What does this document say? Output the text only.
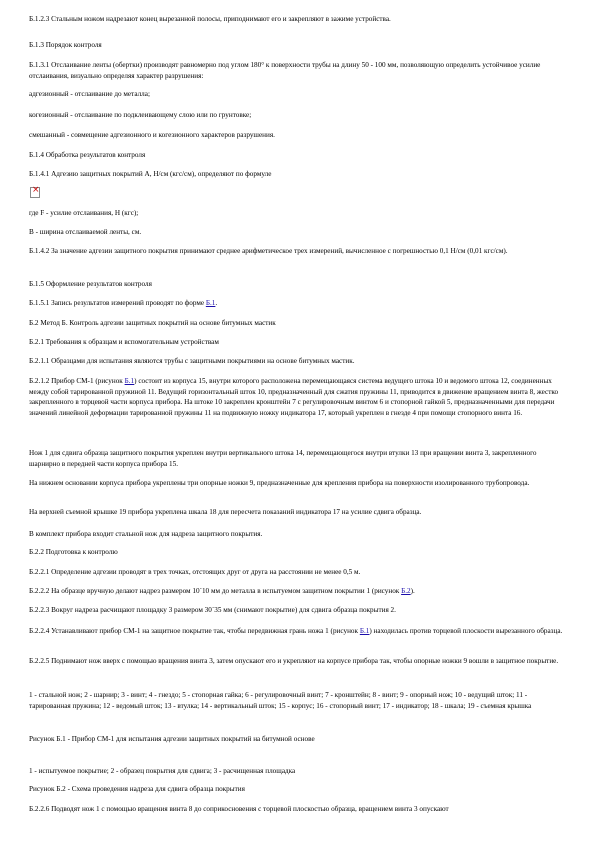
Б.1.2.3 Стальным ножом надрезают конец вырезанной полосы, приподнимают его и закрепляют в зажиме устройства.
Б.1.3 Порядок контроля
Б.1.3.1 Отслаивание ленты (обертки) производят равномерно под углом 180° к поверхности трубы на длину 50 - 100 мм, позволяющую определить устойчивое усилие отслаивания, визуально определяя характер разрушения:
адгезионный - отслаивание до металла;
когезионный - отслаивание по подклеивающему слою или по грунтовке;
смешанный - совмещение адгезионного и когезионного характеров разрушения.
Б.1.4 Обработка результатов контроля
Б.1.4.1 Адгезию защитных покрытий А, Н/см (кгс/см), определяют по формуле
×
где F - усилие отслаивания, Н (кгс);
B - ширина отслаиваемой ленты, см.
Б.1.4.2 За значение адгезии защитного покрытия принимают среднее арифметическое трех измерений, вычисленное с погрешностью 0,1 Н/см (0,01 кгс/см).
Б.1.5 Оформление результатов контроля
Б.1.5.1 Запись результатов измерений проводят по форме Б.1.
Б.2 Метод Б. Контроль адгезии защитных покрытий на основе битумных мастик
Б.2.1 Требования к образцам и вспомогательным устройствам
Б.2.1.1 Образцами для испытания являются трубы с защитными покрытиями на основе битумных мастик.
Б.2.1.2 Прибор СМ-1 (рисунок Б.1) состоит из корпуса 15, внутри которого расположена перемещающаяся система ведущего штока 10 и ведомого штока 12, соединенных между собой тарированной пружиной 11. Ведущий горизонтальный шток 10, предназначенный для сжатия пружины 11, приводится в движение вращением винта 8, жестко закрепленного в торцевой части корпуса прибора. На штоке 10 закреплен кронштейн 7 с регулировочным винтом 6 и стопорной гайкой 5, предназначенными для передачи значений линейной деформации тарированной пружины 11 на подвижную ножку индикатора 17, который укреплен в гнезде 4 при помощи стопорного винта 16.
Нож 1 для сдвига образца защитного покрытия укреплен внутри вертикального штока 14, перемещающегося внутри втулки 13 при вращении винта 3, закрепленного шарнирно в передней части корпуса прибора 15.
На нижнем основании корпуса прибора укреплены три опорные ножки 9, предназначенные для крепления прибора на поверхности изолированного трубопровода.
На верхней съемной крышке 19 прибора укреплена шкала 18 для пересчета показаний индикатора 17 на усилие сдвига образца.
В комплект прибора входит стальной нож для надреза защитного покрытия.
Б.2.2 Подготовка к контролю
Б.2.2.1 Определение адгезии проводят в трех точках, отстоящих друг от друга на расстоянии не менее 0,5 м.
Б.2.2.2 На образце вручную делают надрез размером 10´10 мм до металла в испытуемом защитном покрытии 1 (рисунок Б.2).
Б.2.2.3 Вокруг надреза расчищают площадку 3 размером 30´35 мм (снимают покрытие) для сдвига образца покрытия 2.
Б.2.2.4 Устанавливают прибор СМ-1 на защитное покрытие так, чтобы передвижная грань ножа 1 (рисунок Б.1) находилась против торцевой плоскости вырезанного образца.
Б.2.2.5 Поднимают нож вверх с помощью вращения винта 3, затем опускают его и укрепляют на корпусе прибора так, чтобы опорные ножки 9 вошли в защитное покрытие.
1 - стальной нож; 2 - шарнир; 3 - винт; 4 - гнездо; 5 - стопорная гайка; 6 - регулировочный винт; 7 - кронштейн; 8 - винт; 9 - опорный нож; 10 - ведущий шток; 11 - тарированная пружина; 12 - ведомый шток; 13 - втулка; 14 - вертикальный шток; 15 - корпус; 16 - стопорный винт; 17 - индикатор; 18 - шкала; 19 - съемная крышка
Рисунок Б.1 - Прибор СМ-1 для испытания адгезии защитных покрытий на битумной основе
1 - испытуемое покрытие; 2 - образец покрытия для сдвига; 3 - расчищенная площадка
Рисунок Б.2 - Схема проведения надреза для сдвига образца покрытия
Б.2.2.6 Подводят нож 1 с помощью вращения винта 8 до соприкосновения с торцевой плоскостью образца, вращением винта 3 опускают
